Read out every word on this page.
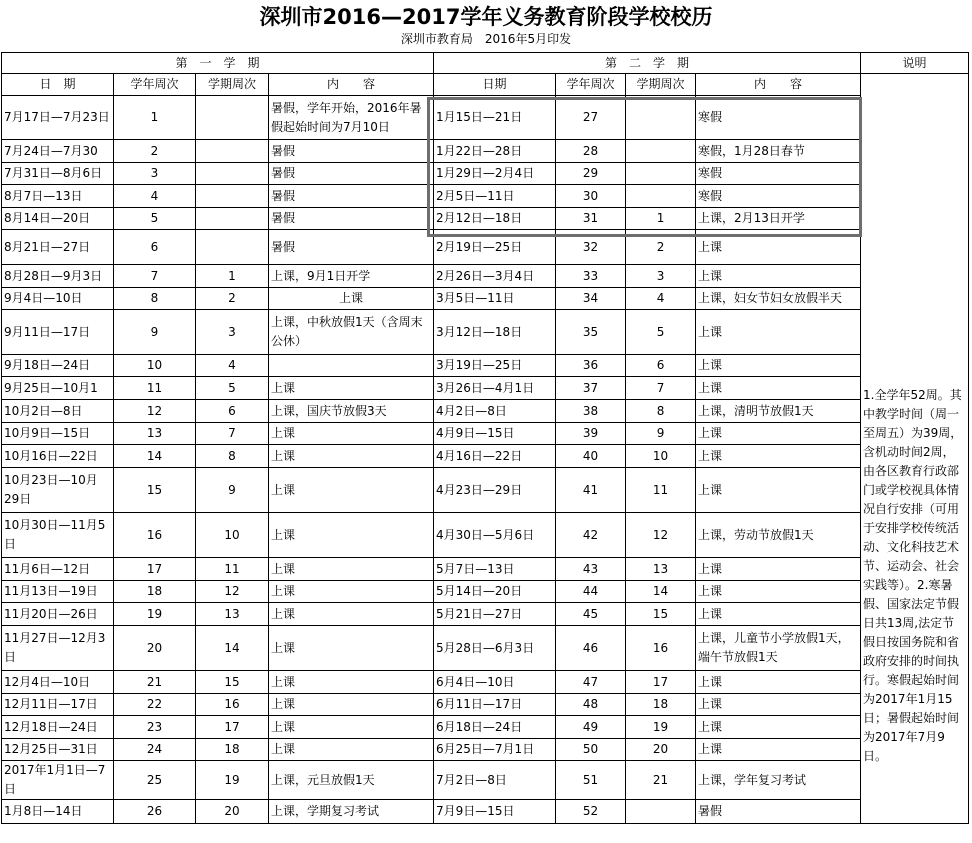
深圳市2016—2017学年义务教育阶段学校校历
深圳市教育局　2016年5月印发
第　一　学　期				第　二　学　期				说明
日　期	学年周次	学期周次	内　　容	日期	学年周次	学期周次	内　　容	1.全学年52周。其中教学时间（周一至周五）为39周，含机动时间2周，由各区教育行政部门或学校视具体情况自行安排（可用于安排学校传统活动、文化科技艺术节、运动会、社会实践等）。2.寒暑假、国家法定节假日共13周,法定节假日按国务院和省政府安排的时间执行。寒假起始时间为2017年1月15日；暑假起始时间为2017年7月9日。

7月17日—7月23日	1		暑假，学年开始，2016年暑假起始时间为7月10日	1月15日—21日	27		寒假	
7月24日—7月30	2		暑假	1月22日—28日	28		寒假，1月28日春节	
7月31日—8月6日	3		暑假	1月29日—2月4日	29		寒假	
8月7日—13日	4		暑假	2月5日—11日	30		寒假	
8月14日—20日	5		暑假	2月12日—18日	31	1	上课，2月13日开学	
8月21日—27日	6		暑假	2月19日—25日	32	2	上课	
8月28日—9月3日	7	1	上课，9月1日开学	2月26日—3月4日	33	3	上课	
9月4日—10日	8	2	上课	3月5日—11日	34	4	上课，妇女节妇女放假半天	
9月11日—17日	9	3	上课，中秋放假1天（含周末公休）	3月12日—18日	35	5	上课	
9月18日—24日	10	4		3月19日—25日	36	6	上课	
9月25日—10月1	11	5	上课	3月26日—4月1日	37	7	上课	
10月2日—8日	12	6	上课，国庆节放假3天	4月2日—8日	38	8	上课，清明节放假1天	
10月9日—15日	13	7	上课	4月9日—15日	39	9	上课	
10月16日—22日	14	8	上课	4月16日—22日	40	10	上课	
10月23日—10月29日	15	9	上课	4月23日—29日	41	11	上课	
10月30日—11月5日	16	10	上课	4月30日—5月6日	42	12	上课，劳动节放假1天	
11月6日—12日	17	11	上课	5月7日—13日	43	13	上课	
11月13日—19日	18	12	上课	5月14日—20日	44	14	上课	
11月20日—26日	19	13	上课	5月21日—27日	45	15	上课	
11月27日—12月3日	20	14	上课	5月28日—6月3日	46	16	上课，儿童节小学放假1天，端午节放假1天	
12月4日—10日	21	15	上课	6月4日—10日	47	17	上课	
12月11日—17日	22	16	上课	6月11日—17日	48	18	上课	
12月18日—24日	23	17	上课	6月18日—24日	49	19	上课	
12月25日—31日	24	18	上课	6月25日—7月1日	50	20	上课	
2017年1月1日—7日	25	19	上课，元旦放假1天	7月2日—8日	51	21	上课，学年复习考试	
1月8日—14日	26	20	上课，学期复习考试	7月9日—15日	52		暑假	
